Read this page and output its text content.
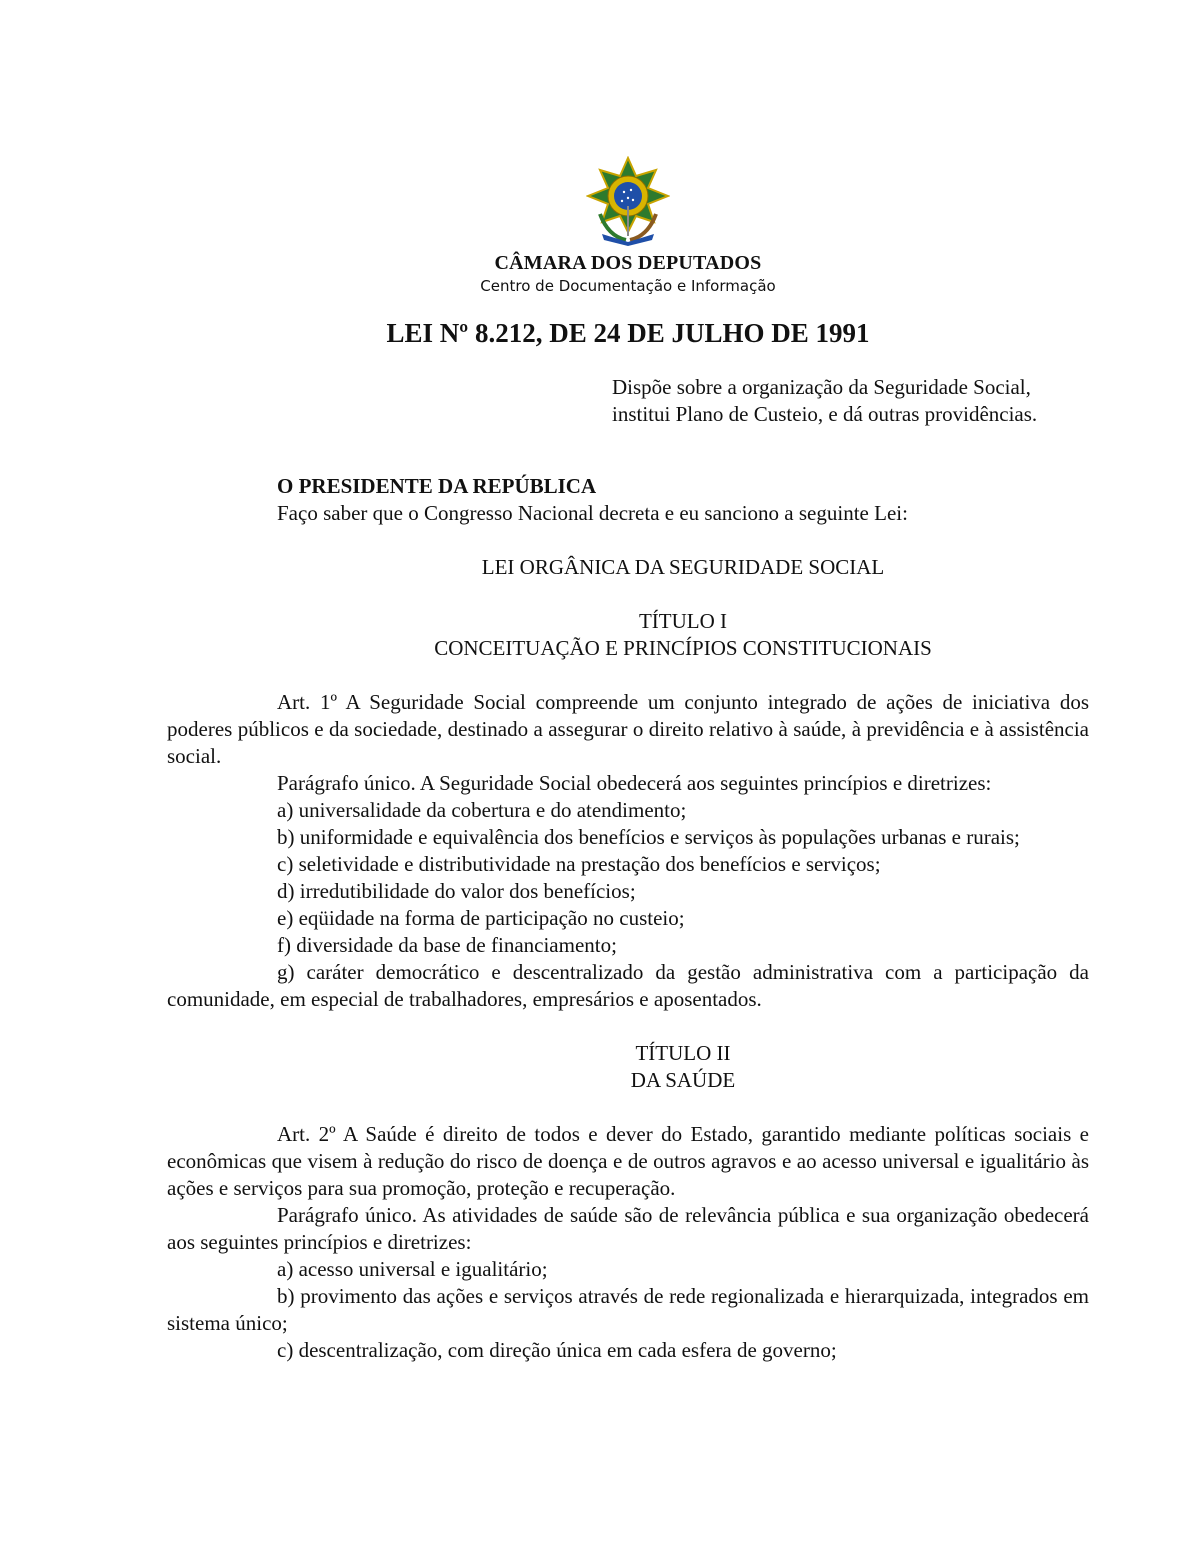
CÂMARA DOS DEPUTADOS
Centro de Documentação e Informação
LEI Nº 8.212, DE 24 DE JULHO DE 1991
Dispõe sobre a organização da Seguridade Social,
institui Plano de Custeio, e dá outras providências.
O PRESIDENTE DA REPÚBLICA
Faço saber que o Congresso Nacional decreta e eu sanciono a seguinte Lei:
LEI ORGÂNICA DA SEGURIDADE SOCIAL
TÍTULO I
CONCEITUAÇÃO E PRINCÍPIOS CONSTITUCIONAIS
Art. 1º A Seguridade Social compreende um conjunto integrado de ações de iniciativa dos poderes públicos e da sociedade, destinado a assegurar o direito relativo à saúde, à previdência e à assistência social.
Parágrafo único. A Seguridade Social obedecerá aos seguintes princípios e diretrizes:
a) universalidade da cobertura e do atendimento;
b) uniformidade e equivalência dos benefícios e serviços às populações urbanas e rurais;
c) seletividade e distributividade na prestação dos benefícios e serviços;
d) irredutibilidade do valor dos benefícios;
e) eqüidade na forma de participação no custeio;
f) diversidade da base de financiamento;
g) caráter democrático e descentralizado da gestão administrativa com a participação da comunidade, em especial de trabalhadores, empresários e aposentados.
TÍTULO II
DA SAÚDE
Art. 2º A Saúde é direito de todos e dever do Estado, garantido mediante políticas sociais e econômicas que visem à redução do risco de doença e de outros agravos e ao acesso universal e igualitário às ações e serviços para sua promoção, proteção e recuperação.
Parágrafo único. As atividades de saúde são de relevância pública e sua organização obedecerá aos seguintes princípios e diretrizes:
a) acesso universal e igualitário;
b) provimento das ações e serviços através de rede regionalizada e hierarquizada, integrados em sistema único;
c) descentralização, com direção única em cada esfera de governo;
